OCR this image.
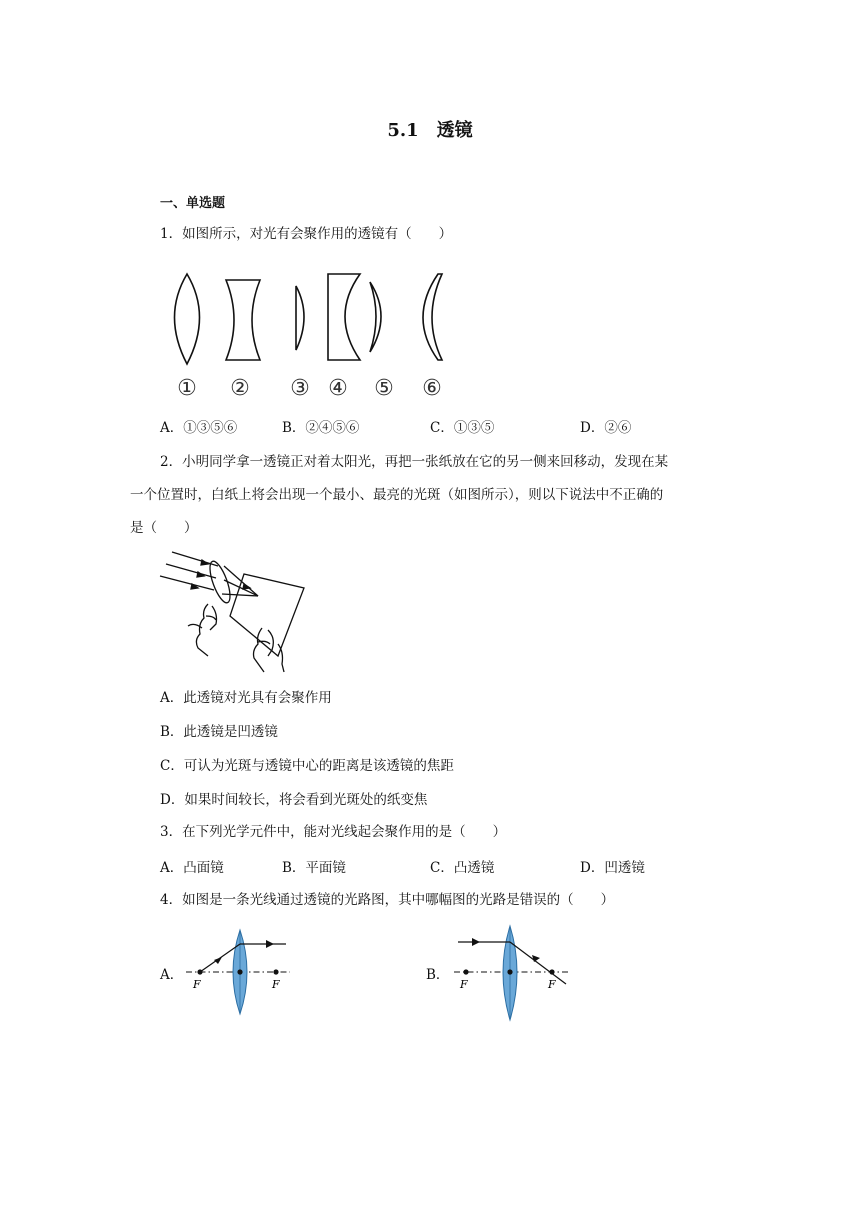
5.1　透镜
一、单选题
1．如图所示，对光有会聚作用的透镜有（　　）
① ② ③ ④ ⑤ ⑥
A．①③⑤⑥	B．②④⑤⑥	C．①③⑤	D．②⑥
2．小明同学拿一透镜正对着太阳光，再把一张纸放在它的另一侧来回移动，发现在某
一个位置时，白纸上将会出现一个最小、最亮的光斑（如图所示），则以下说法中不正确的
是（　　）
A．此透镜对光具有会聚作用
B．此透镜是凹透镜
C．可认为光斑与透镜中心的距离是该透镜的焦距
D．如果时间较长，将会看到光斑处的纸变焦
3．在下列光学元件中，能对光线起会聚作用的是（　　）
A．凸面镜	B．平面镜	C．凸透镜	D．凹透镜
4．如图是一条光线通过透镜的光路图，其中哪幅图的光路是错误的（　　）
A．
F	F
B．
F	F
